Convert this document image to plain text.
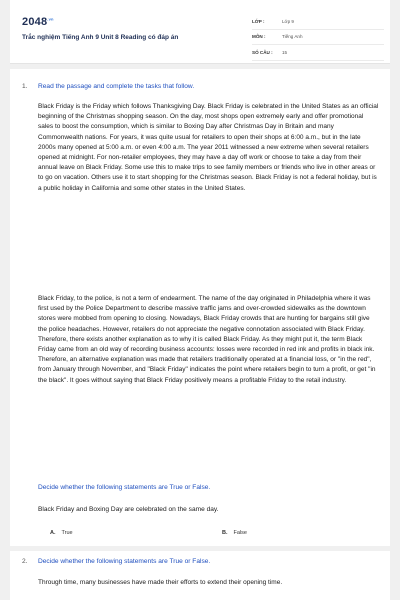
$2048^{.vn}$
Trắc nghiệm Tiếng Anh 9 Unit 8 Reading có đáp án
LỚP :	Lớp 9
MÔN :	Tiếng Anh
SỐ CÂU :	15
1. Read the passage and complete the tasks that follow.

Black Friday is the Friday which follows Thanksgiving Day. Black Friday is celebrated in the United States as an official beginning of the Christmas shopping season. On the day, most shops open extremely early and offer promotional sales to boost the consumption, which is similar to Boxing Day after Christmas Day in Britain and many Commonwealth nations. For years, it was quite usual for retailers to open their shops at 6:00 a.m., but in the late 2000s many opened at 5:00 a.m. or even 4:00 a.m. The year 2011 witnessed a new extreme when several retailers opened at midnight. For non-retailer employees, they may have a day off work or choose to take a day from their annual leave on Black Friday. Some use this to make trips to see family members or friends who live in other areas or to go on vacation. Others use it to start shopping for the Christmas season. Black Friday is not a federal holiday, but is a public holiday in California and some other states in the United States.

Black Friday, to the police, is not a term of endearment. The name of the day originated in Philadelphia where it was first used by the Police Department to describe massive traffic jams and over-crowded sidewalks as the downtown stores were mobbed from opening to closing. Nowadays, Black Friday crowds that are hunting for bargains still give the police headaches. However, retailers do not appreciate the negative connotation associated with Black Friday. Therefore, there exists another explanation as to why it is called Black Friday. As they might put it, the term Black Friday came from an old way of recording business accounts: losses were recorded in red ink and profits in black ink. Therefore, an alternative explanation was made that retailers traditionally operated at a financial loss, or "in the red", from January through November, and "Black Friday" indicates the point where retailers begin to turn a profit, or get "in the black". It goes without saying that Black Friday positively means a profitable Friday to the retail industry.

Decide whether the following statements are True or False.
Black Friday and Boxing Day are celebrated on the same day.
A. True	B. False
2. Decide whether the following statements are True or False.

Through time, many businesses have made their efforts to extend their opening time.
